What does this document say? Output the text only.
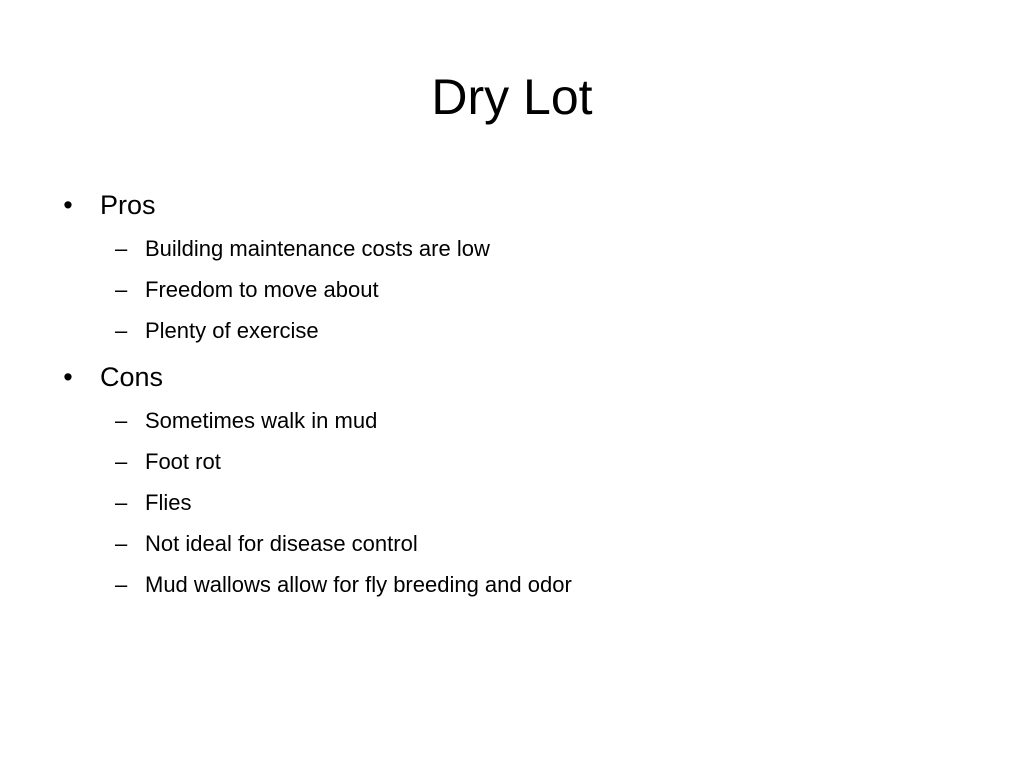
Dry Lot
• Pros
– Building maintenance costs are low
– Freedom to move about
– Plenty of exercise
• Cons
– Sometimes walk in mud
– Foot rot
– Flies
– Not ideal for disease control
– Mud wallows allow for fly breeding and odor
